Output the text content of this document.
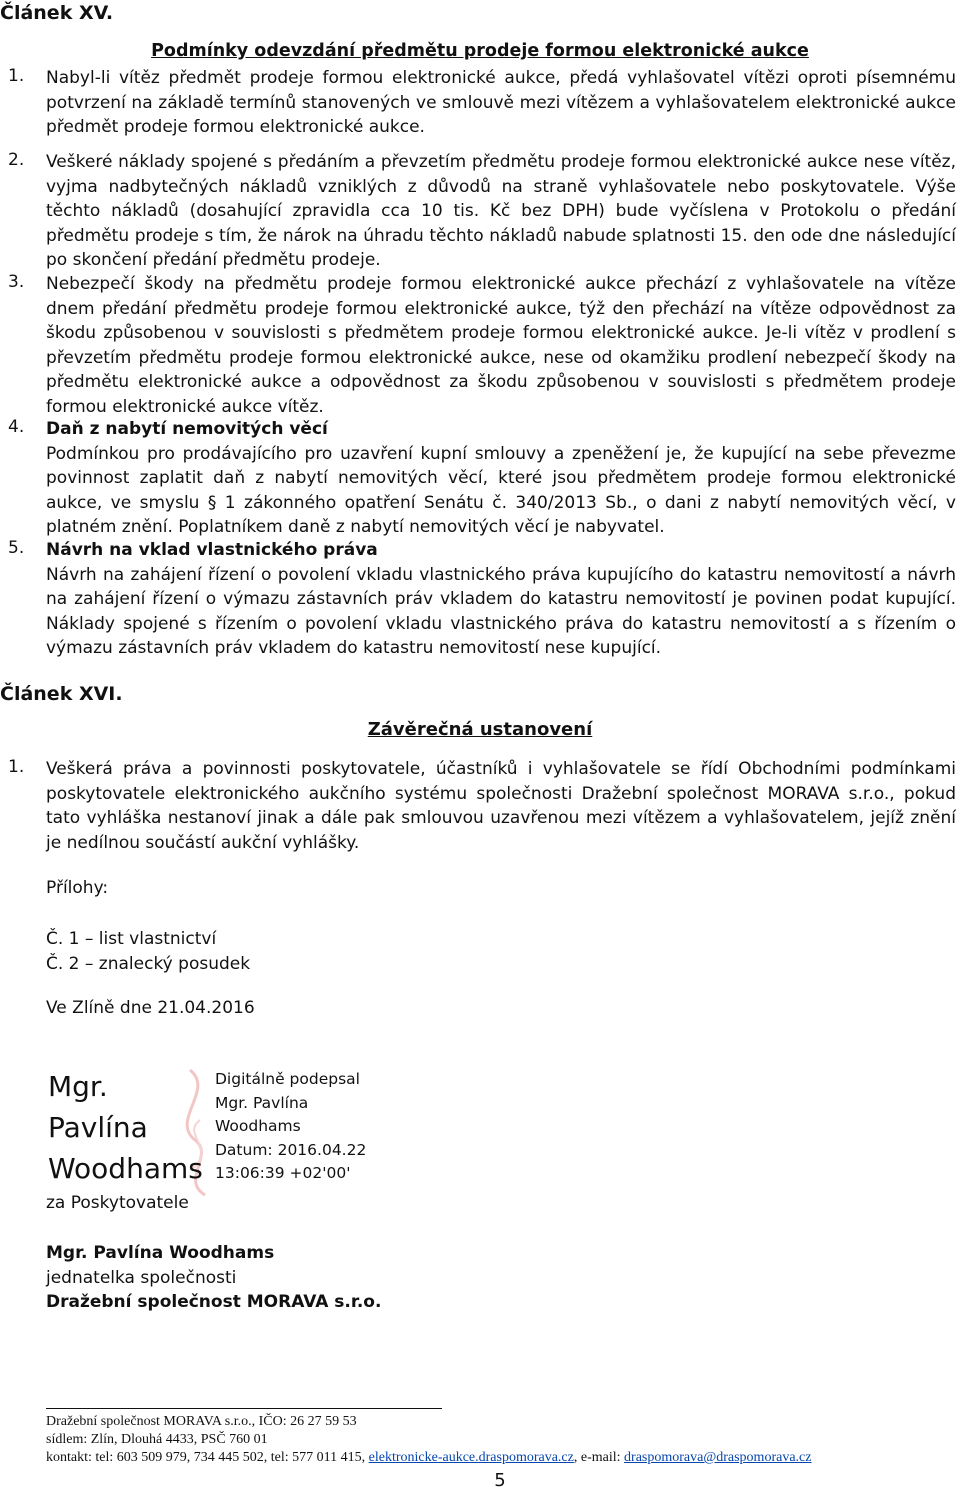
Článek XV.
Podmínky odevzdání předmětu prodeje formou elektronické aukce
1.	Nabyl-li vítěz předmět prodeje formou elektronické aukce, předá vyhlašovatel vítězi oproti písemnému potvrzení na základě termínů stanovených ve smlouvě mezi vítězem a vyhlašovatelem elektronické aukce předmět prodeje formou elektronické aukce.
2.	Veškeré náklady spojené s předáním a převzetím předmětu prodeje formou elektronické aukce nese vítěz, vyjma nadbytečných nákladů vzniklých z důvodů na straně vyhlašovatele nebo poskytovatele. Výše těchto nákladů (dosahující zpravidla cca 10 tis. Kč bez DPH) bude vyčíslena v Protokolu o předání předmětu prodeje s tím, že nárok na úhradu těchto nákladů nabude splatnosti 15. den ode dne následující po skončení předání předmětu prodeje.
3.	Nebezpečí škody na předmětu prodeje formou elektronické aukce přechází z vyhlašovatele na vítěze dnem předání předmětu prodeje formou elektronické aukce, týž den přechází na vítěze odpovědnost za škodu způsobenou v souvislosti s předmětem prodeje formou elektronické aukce. Je-li vítěz v prodlení s převzetím předmětu prodeje formou elektronické aukce, nese od okamžiku prodlení nebezpečí škody na předmětu elektronické aukce a odpovědnost za škodu způsobenou v souvislosti s předmětem prodeje formou elektronické aukce vítěz.
4.	Daň z nabytí nemovitých věcí
Podmínkou pro prodávajícího pro uzavření kupní smlouvy a zpeněžení je, že kupující na sebe převezme povinnost zaplatit daň z nabytí nemovitých věcí, které jsou předmětem prodeje formou elektronické aukce, ve smyslu § 1 zákonného opatření Senátu č. 340/2013 Sb., o dani z nabytí nemovitých věcí, v platném znění. Poplatníkem daně z nabytí nemovitých věcí je nabyvatel.
5.	Návrh na vklad vlastnického práva
Návrh na zahájení řízení o povolení vkladu vlastnického práva kupujícího do katastru nemovitostí a návrh na zahájení řízení o výmazu zástavních práv vkladem do katastru nemovitostí je povinen podat kupující. Náklady spojené s řízením o povolení vkladu vlastnického práva do katastru nemovitostí a s řízením o výmazu zástavních práv vkladem do katastru nemovitostí nese kupující.
Článek XVI.
Závěrečná ustanovení
1.	Veškerá práva a povinnosti poskytovatele, účastníků i vyhlašovatele se řídí Obchodními podmínkami poskytovatele elektronického aukčního systému společnosti Dražební společnost MORAVA s.r.o., pokud tato vyhláška nestanoví jinak a dále pak smlouvou uzavřenou mezi vítězem a vyhlašovatelem, jejíž znění je nedílnou součástí aukční vyhlášky.
Přílohy:
Č. 1 – list vlastnictví
Č. 2 – znalecký posudek
Ve Zlíně dne 21.04.2016
Mgr.
Pavlína
Woodhams
Digitálně podepsal
Mgr. Pavlína
Woodhams
Datum: 2016.04.22
13:06:39 +02'00'
za Poskytovatele
Mgr. Pavlína Woodhams
jednatelka společnosti
Dražební společnost MORAVA s.r.o.
Dražební společnost MORAVA s.r.o., IČO: 26 27 59 53
sídlem: Zlín, Dlouhá 4433, PSČ 760 01
kontakt: tel: 603 509 979, 734 445 502, tel: 577 011 415, elektronicke-aukce.draspomorava.cz, e-mail: draspomorava@draspomorava.cz
5
